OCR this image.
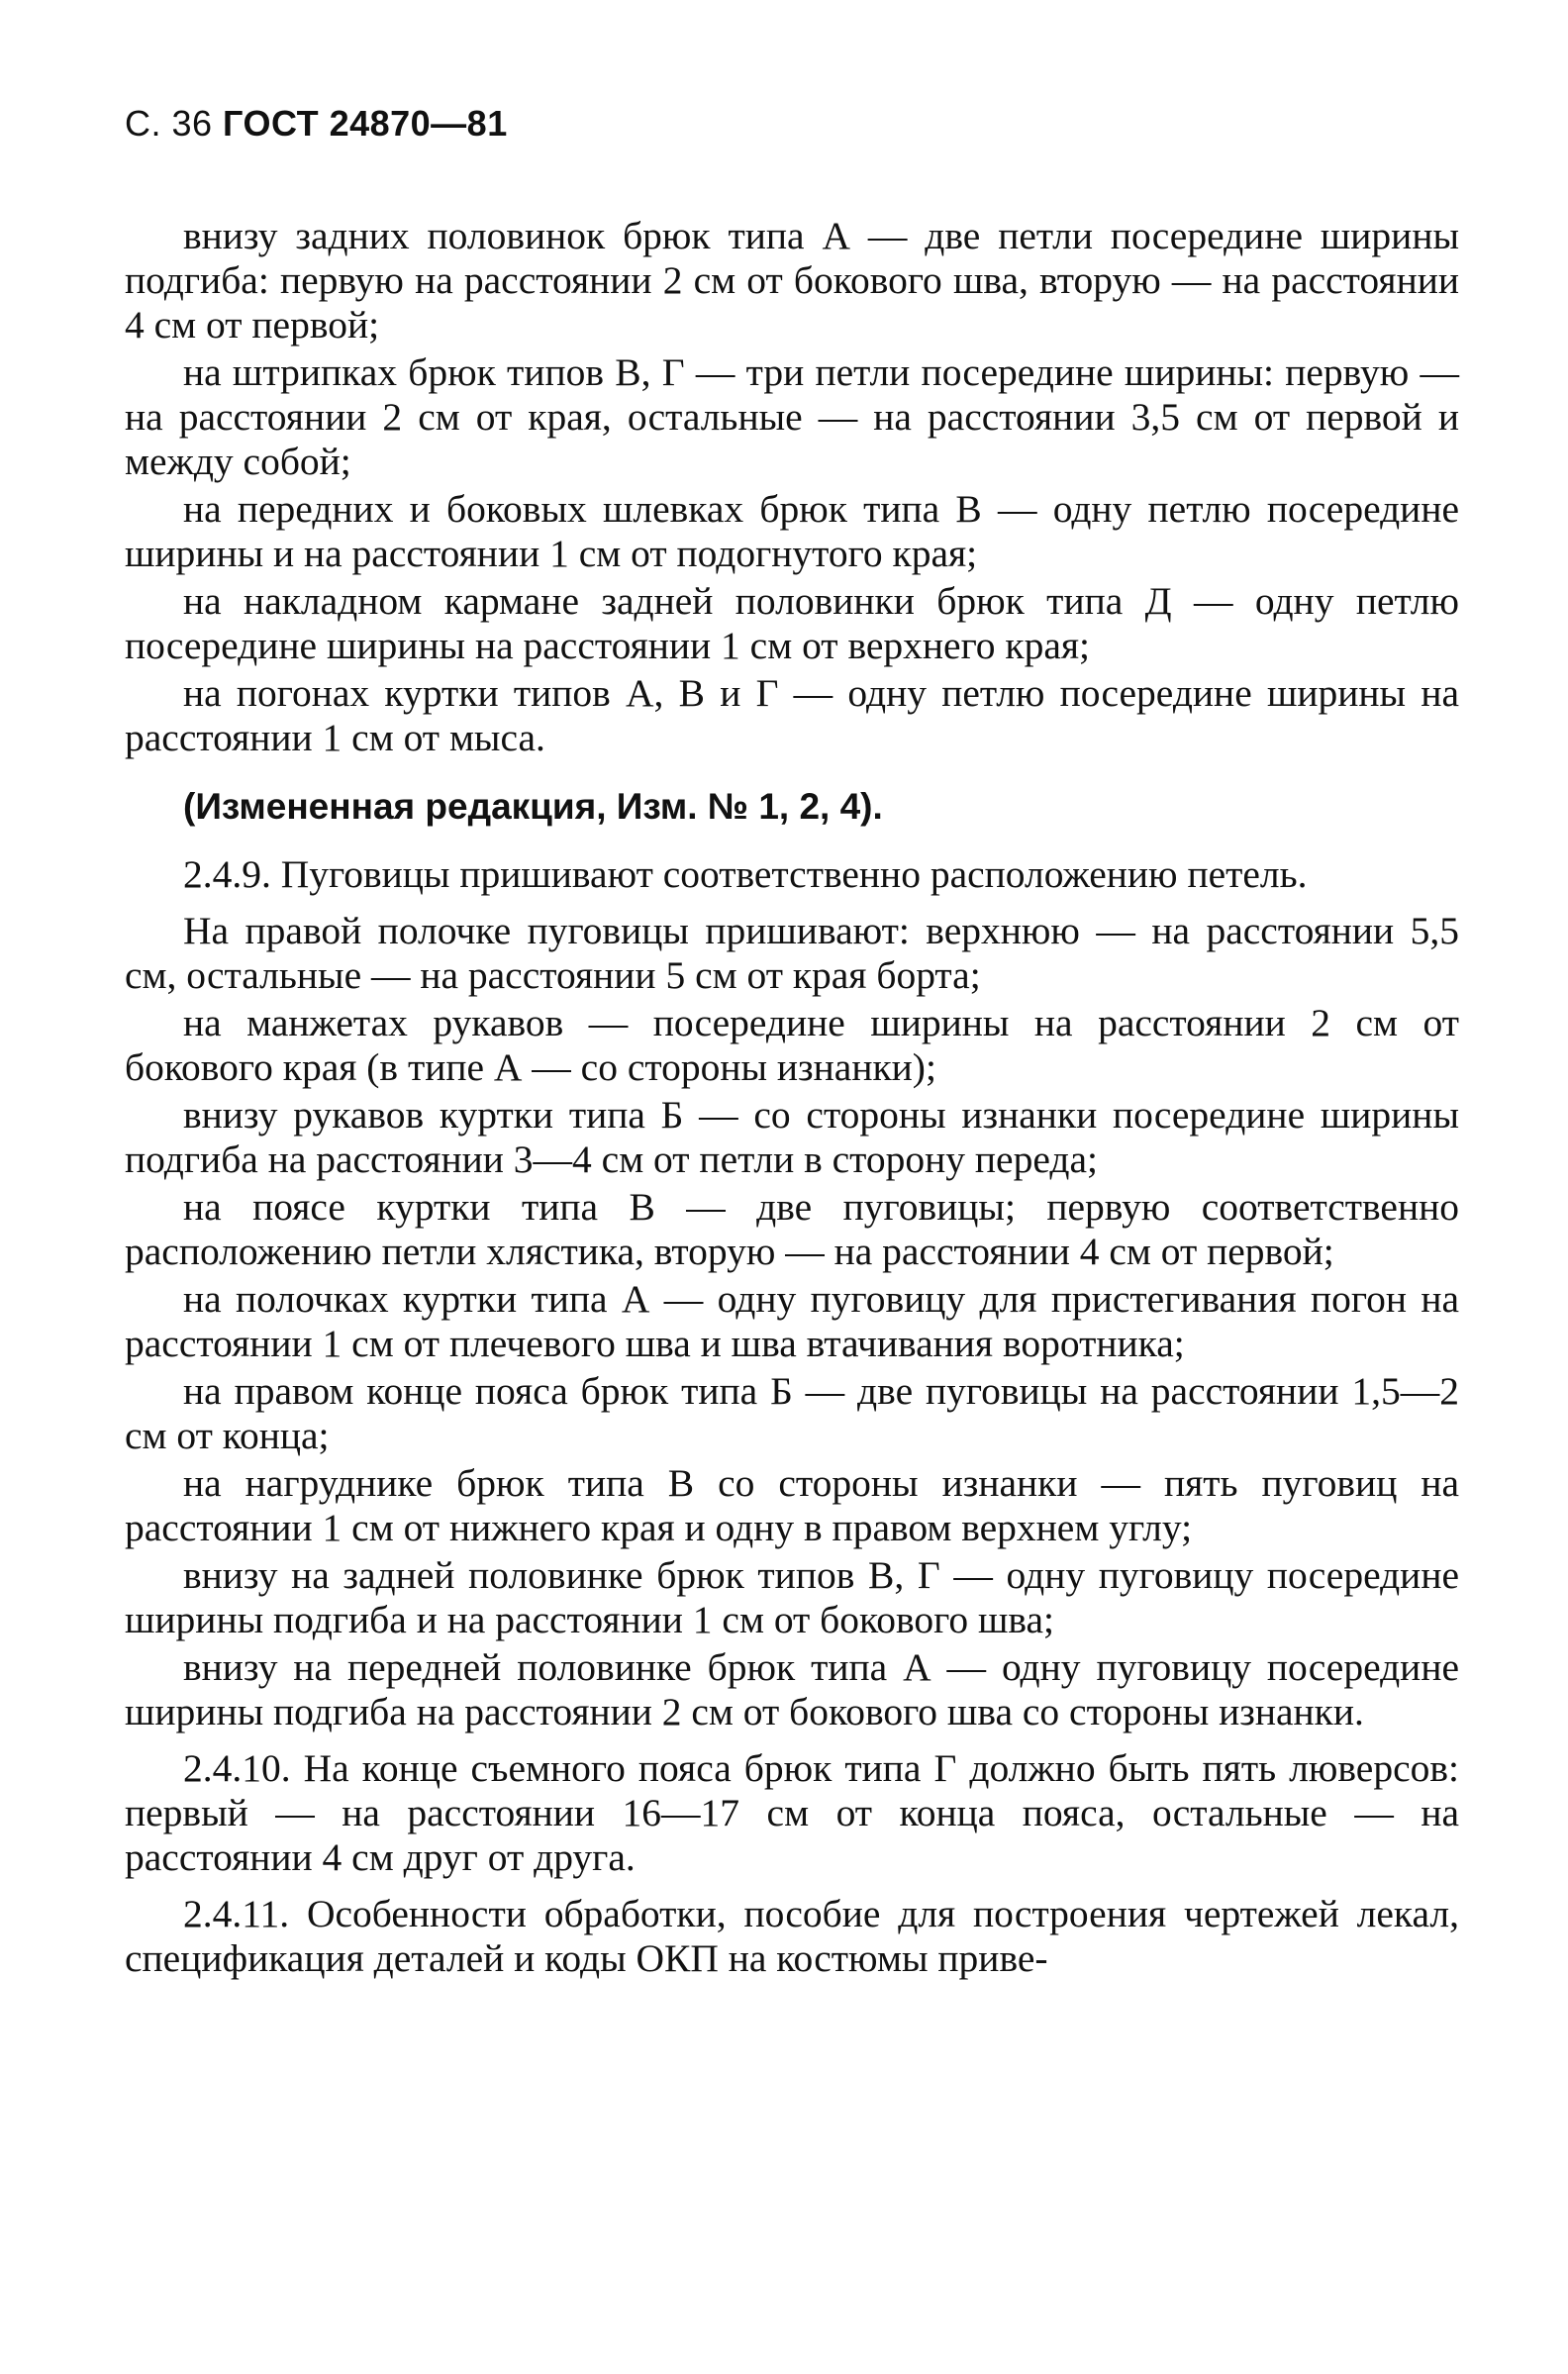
С. 36 ГОСТ 24870—81

внизу задних половинок брюк типа А — две петли посередине ширины подгиба: первую на расстоянии 2 см от бокового шва, вторую — на расстоянии 4 см от первой;

на штрипках брюк типов В, Г — три петли посередине ширины: первую — на расстоянии 2 см от края, остальные — на расстоянии 3,5 см от первой и между собой;

на передних и боковых шлевках брюк типа В — одну петлю посередине ширины и на расстоянии 1 см от подогнутого края;

на накладном кармане задней половинки брюк типа Д — одну петлю посередине ширины на расстоянии 1 см от верхнего края;

на погонах куртки типов А, В и Г — одну петлю посередине ширины на расстоянии 1 см от мыса.

(Измененная редакция, Изм. № 1, 2, 4).

2.4.9. Пуговицы пришивают соответственно расположению петель.

На правой полочке пуговицы пришивают: верхнюю — на расстоянии 5,5 см, остальные — на расстоянии 5 см от края борта;

на манжетах рукавов — посередине ширины на расстоянии 2 см от бокового края (в типе А — со стороны изнанки);

внизу рукавов куртки типа Б — со стороны изнанки посередине ширины подгиба на расстоянии 3—4 см от петли в сторону переда;

на поясе куртки типа В — две пуговицы; первую соответственно расположению петли хлястика, вторую — на расстоянии 4 см от первой;

на полочках куртки типа А — одну пуговицу для пристегивания погон на расстоянии 1 см от плечевого шва и шва втачивания воротника;

на правом конце пояса брюк типа Б — две пуговицы на расстоянии 1,5—2 см от конца;

на нагруднике брюк типа В со стороны изнанки — пять пуговиц на расстоянии 1 см от нижнего края и одну в правом верхнем углу;

внизу на задней половинке брюк типов В, Г — одну пуговицу посередине ширины подгиба и на расстоянии 1 см от бокового шва;

внизу на передней половинке брюк типа А — одну пуговицу посередине ширины подгиба на расстоянии 2 см от бокового шва со стороны изнанки.

2.4.10. На конце съемного пояса брюк типа Г должно быть пять люверсов: первый — на расстоянии 16—17 см от конца пояса, остальные — на расстоянии 4 см друг от друга.

2.4.11. Особенности обработки, пособие для построения чертежей лекал, спецификация деталей и коды ОКП на костюмы приве-
